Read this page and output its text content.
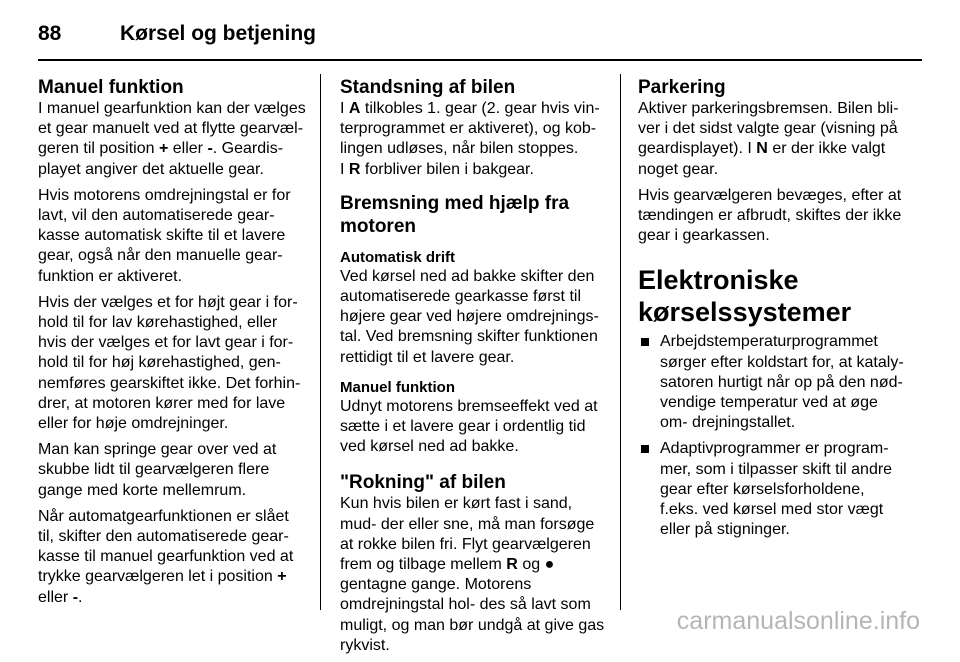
88	Kørsel og betjening
Manuel funktion

I manuel gearfunktion kan der vælges et gear manuelt ved at flytte gearvæl- geren til position + eller -. Geardis- playet angiver det aktuelle gear.

Hvis motorens omdrejningstal er for lavt, vil den automatiserede gear- kasse automatisk skifte til et lavere gear, også når den manuelle gear- funktion er aktiveret.

Hvis der vælges et for højt gear i for- hold til for lav kørehastighed, eller hvis der vælges et for lavt gear i for- hold til for høj kørehastighed, gen- nemføres gearskiftet ikke. Det forhin- drer, at motoren kører med for lave eller for høje omdrejninger.

Man kan springe gear over ved at skubbe lidt til gearvælgeren flere gange med korte mellemrum.

Når automatgearfunktionen er slået til, skifter den automatiserede gear- kasse til manuel gearfunktion ved at trykke gearvælgeren let i position + eller -.

Standsning af bilen

I A tilkobles 1. gear (2. gear hvis vin- terprogrammet er aktiveret), og kob- lingen udløses, når bilen stoppes.

I R forbliver bilen i bakgear.

Bremsning med hjælp fra motoren
Automatisk drift

Ved kørsel ned ad bakke skifter den automatiserede gearkasse først til højere gear ved højere omdrejnings- tal. Ved bremsning skifter funktionen rettidigt til et lavere gear.

Manuel funktion

Udnyt motorens bremseeffekt ved at sætte i et lavere gear i ordentlig tid ved kørsel ned ad bakke.

"Rokning" af bilen

Kun hvis bilen er kørt fast i sand, mud- der eller sne, må man forsøge at rokke bilen fri. Flyt gearvælgeren frem og tilbage mellem R og ● gentagne gange. Motorens omdrejningstal hol- des så lavt som muligt, og man bør undgå at give gas rykvist.

Parkering

Aktiver parkeringsbremsen. Bilen bli- ver i det sidst valgte gear (visning på geardisplayet). I N er der ikke valgt noget gear.

Hvis gearvælgeren bevæges, efter at tændingen er afbrudt, skiftes der ikke gear i gearkassen.

Elektroniske kørselssystemer
Arbejdstemperaturprogrammet sørger efter koldstart for, at kataly- satoren hurtigt når op på den nød- vendige temperatur ved at øge om- drejningstallet.
Adaptivprogrammer er program- mer, som i tilpasser skift til andre gear efter kørselsforholdene, f.eks. ved kørsel med stor vægt eller på stigninger.
carmanualsonline.info
